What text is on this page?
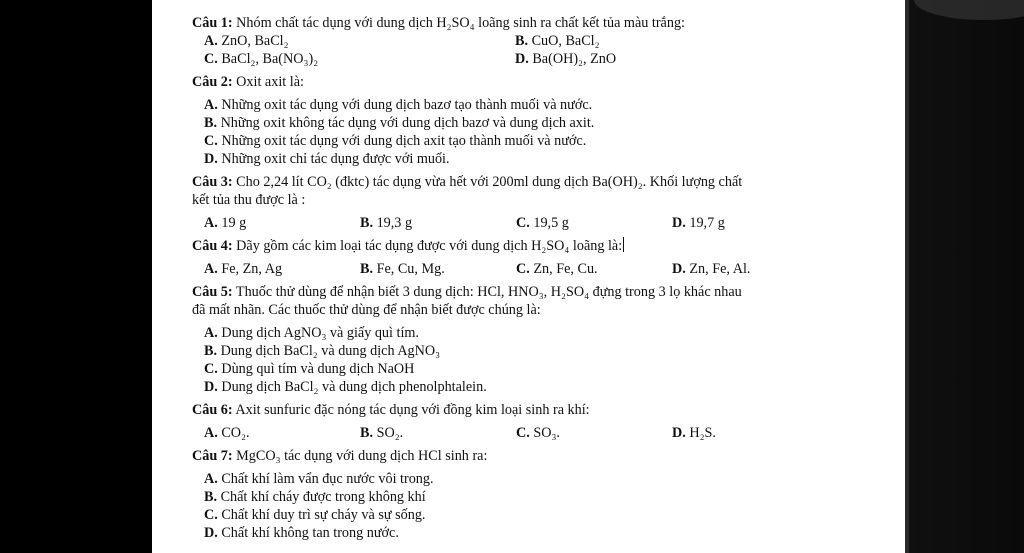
Câu 1: Nhóm chất tác dụng với dung dịch H₂SO₄ loãng sinh ra chất kết tủa màu trắng:

A. ZnO, BaCl₂	B. CuO, BaCl₂
C. BaCl₂, Ba(NO₃)₂	D. Ba(OH)₂, ZnO

Câu 2: Oxit axit là:

A. Những oxit tác dụng với dung dịch bazơ tạo thành muối và nước.
B. Những oxit không tác dụng với dung dịch bazơ và dung dịch axit.
C. Những oxit tác dụng với dung dịch axit tạo thành muối và nước.
D. Những oxit chỉ tác dụng được với muối.

Câu 3: Cho 2,24 lít CO₂ (đktc) tác dụng vừa hết với 200ml dung dịch Ba(OH)₂. Khối lượng chất

kết tủa thu được là :

A. 19 g	B. 19,3 g	C. 19,5 g	D. 19,7 g

Câu 4: Dãy gồm các kim loại tác dụng được với dung dịch H₂SO₄ loãng là:

A. Fe, Zn, Ag	B. Fe, Cu, Mg.	C. Zn, Fe, Cu.	D. Zn, Fe, Al.

Câu 5: Thuốc thử dùng để nhận biết 3 dung dịch: HCl, HNO₃, H₂SO₄ đựng trong 3 lọ khác nhau

đã mất nhãn. Các thuốc thử dùng để nhận biết được chúng là:

A. Dung dịch AgNO₃ và giấy quì tím.
B. Dung dịch BaCl₂ và dung dịch AgNO₃
C. Dùng quì tím và dung dịch NaOH
D. Dung dịch BaCl₂ và dung dịch phenolphtalein.

Câu 6: Axit sunfuric đặc nóng tác dụng với đồng kim loại sinh ra khí:

A. CO₂.	B. SO₂.	C. SO₃.	D. H₂S.

Câu 7: MgCO₃ tác dụng với dung dịch HCl sinh ra:

A. Chất khí làm vẩn đục nước vôi trong.
B. Chất khí cháy được trong không khí
C. Chất khí duy trì sự cháy và sự sống.
D. Chất khí không tan trong nước.
